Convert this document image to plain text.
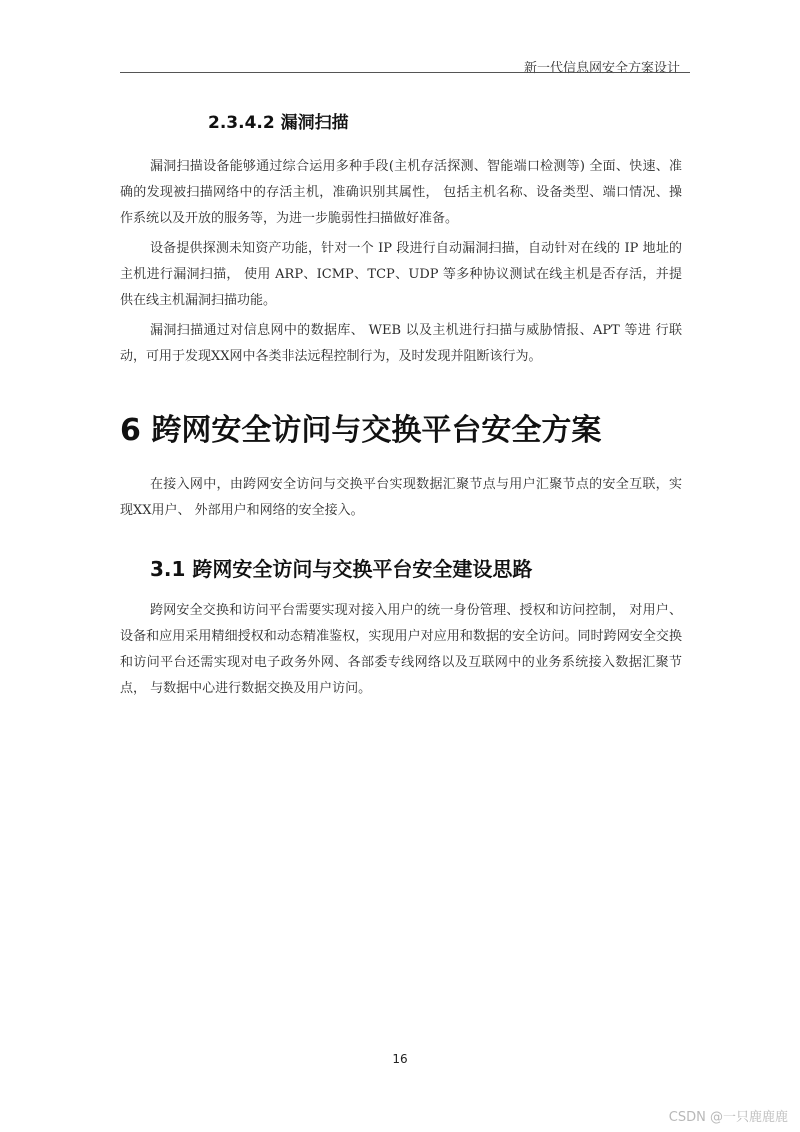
新一代信息网安全方案设计
2.3.4.2 漏洞扫描

漏洞扫描设备能够通过综合运用多种手段(主机存活探测、智能端口检测等) 全面、快速、准确的发现被扫描网络中的存活主机，准确识别其属性， 包括主机名称、设备类型、端口情况、操作系统以及开放的服务等，为进一步脆弱性扫描做好准备。

设备提供探测未知资产功能，针对一个 IP 段进行自动漏洞扫描，自动针对在线的 IP 地址的主机进行漏洞扫描， 使用 ARP、ICMP、TCP、UDP 等多种协议测试在线主机是否存活，并提供在线主机漏洞扫描功能。

漏洞扫描通过对信息网中的数据库、 WEB 以及主机进行扫描与威胁情报、APT 等进 行联动，可用于发现XX网中各类非法远程控制行为，及时发现并阻断该行为。

6 跨网安全访问与交换平台安全方案

在接入网中，由跨网安全访问与交换平台实现数据汇聚节点与用户汇聚节点的安全互联，实现XX用户、 外部用户和网络的安全接入。

3.1 跨网安全访问与交换平台安全建设思路

跨网安全交换和访问平台需要实现对接入用户的统一身份管理、授权和访问控制， 对用户、设备和应用采用精细授权和动态精准鉴权，实现用户对应用和数据的安全访问。同时跨网安全交换和访问平台还需实现对电子政务外网、各部委专线网络以及互联网中的业务系统接入数据汇聚节点， 与数据中心进行数据交换及用户访问。

16
CSDN @一只鹿鹿鹿
